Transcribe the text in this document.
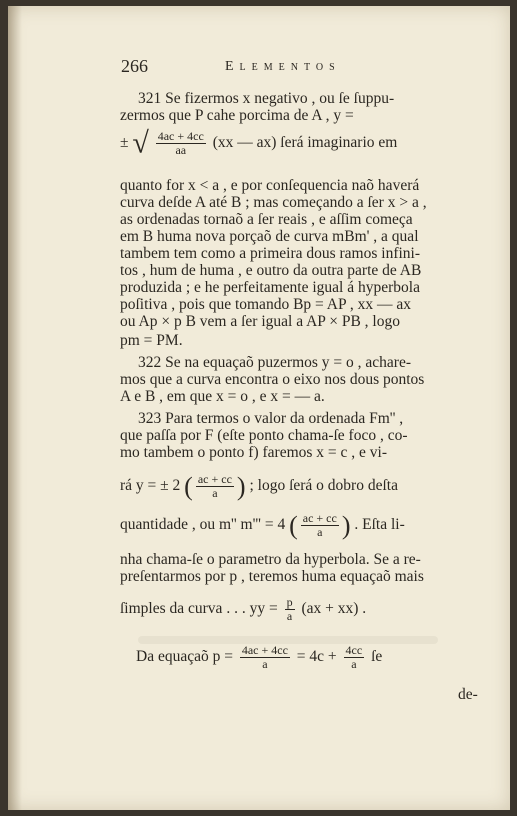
266	Elementos
321 Se fizermos x negativo , ou ſe ſuppu-
zermos que P cahe porcima de A , y =
± √ $\frac{4ac + 4cc}{aa} (xx$ — ax) ſerá imaginario em
quanto for x < a , e por conſequencia naõ haverá
curva deſde A até B ; mas começando a ſer x > a ,
as ordenadas tornaõ a ſer reais , e aſſim começa
em B huma nova porçaõ de curva mBm' , a qual
tambem tem como a primeira dous ramos infini-
tos , hum de huma , e outro da outra parte de AB
produzida ; e he perfeitamente igual á hyperbola
poſitiva , pois que tomando Bp = AP , xx — ax
ou Ap × p B vem a ſer igual a AP × PB , logo
pm = PM.
322 Se na equaçaõ puzermos y = o , achare-
mos que a curva encontra o eixo nos dous pontos
A e B , em que x = o , e x = — a.
323 Para termos o valor da ordenada Fm'' ,
que paſſa por F (eſte ponto chama-ſe foco , co-
mo tambem o ponto f) faremos x = c , e vi-
rá y = ± 2 ( $\frac{ac + cc}{a}$ ) ; logo ſerá o dobro deſta
quantidade , ou m'' m''' = 4 ( $\frac{ac + cc}{a}$ ) . Eſta li-
nha chama-ſe o parametro da hyperbola. Se a re-
preſentarmos por p , teremos huma equaçaõ mais
ſimples da curva . . . yy = $\frac{p}{a} (ax + xx)$ .
Da equaçaõ $p = \frac{4ac + 4cc}{a} = 4c + \frac{4cc}{a}$ ſe
de-
